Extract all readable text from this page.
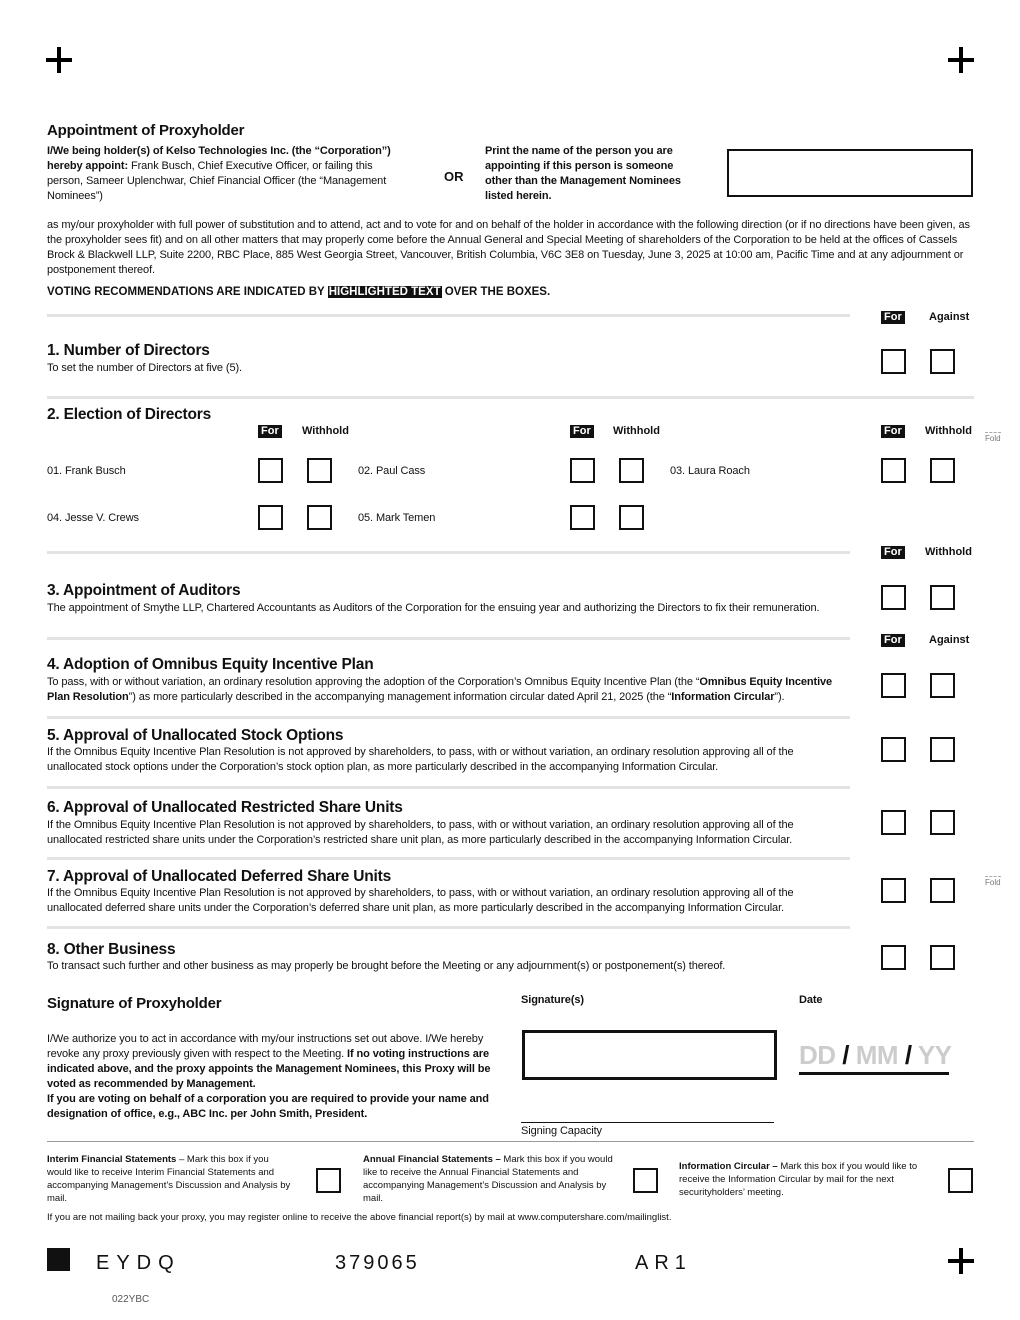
Appointment of Proxyholder
I/We being holder(s) of Kelso Technologies Inc. (the “Corporation”) hereby appoint: Frank Busch, Chief Executive Officer, or failing this person, Sameer Uplenchwar, Chief Financial Officer (the “Management Nominees”)
OR
Print the name of the person you are appointing if this person is someone other than the Management Nominees listed herein.
as my/our proxyholder with full power of substitution and to attend, act and to vote for and on behalf of the holder in accordance with the following direction (or if no directions have been given, as the proxyholder sees fit) and on all other matters that may properly come before the Annual General and Special Meeting of shareholders of the Corporation to be held at the offices of Cassels Brock & Blackwell LLP, Suite 2200, RBC Place, 885 West Georgia Street, Vancouver, British Columbia, V6C 3E8 on Tuesday, June 3, 2025 at 10:00 am, Pacific Time and at any adjournment or postponement thereof.
VOTING RECOMMENDATIONS ARE INDICATED BY HIGHLIGHTED TEXT OVER THE BOXES.
For Against
1. Number of Directors
To set the number of Directors at five (5).
2. Election of Directors
For Withhold	For Withhold	For Withhold
Fold
01. Frank Busch	02. Paul Cass	03. Laura Roach
04. Jesse V. Crews	05. Mark Temen
For Withhold
3. Appointment of Auditors
The appointment of Smythe LLP, Chartered Accountants as Auditors of the Corporation for the ensuing year and authorizing the Directors to fix their remuneration.
For Against
4. Adoption of Omnibus Equity Incentive Plan
To pass, with or without variation, an ordinary resolution approving the adoption of the Corporation’s Omnibus Equity Incentive Plan (the “Omnibus Equity Incentive Plan Resolution”) as more particularly described in the accompanying management information circular dated April 21, 2025 (the “Information Circular”).
5. Approval of Unallocated Stock Options
If the Omnibus Equity Incentive Plan Resolution is not approved by shareholders, to pass, with or without variation, an ordinary resolution approving all of the unallocated stock options under the Corporation’s stock option plan, as more particularly described in the accompanying Information Circular.
6. Approval of Unallocated Restricted Share Units
If the Omnibus Equity Incentive Plan Resolution is not approved by shareholders, to pass, with or without variation, an ordinary resolution approving all of the unallocated restricted share units under the Corporation’s restricted share unit plan, as more particularly described in the accompanying Information Circular.
7. Approval of Unallocated Deferred Share Units
If the Omnibus Equity Incentive Plan Resolution is not approved by shareholders, to pass, with or without variation, an ordinary resolution approving all of the unallocated deferred share units under the Corporation’s deferred share unit plan, as more particularly described in the accompanying Information Circular.
Fold
8. Other Business
To transact such further and other business as may properly be brought before the Meeting or any adjournment(s) or postponement(s) thereof.
Signature of Proxyholder
I/We authorize you to act in accordance with my/our instructions set out above. I/We hereby revoke any proxy previously given with respect to the Meeting. If no voting instructions are indicated above, and the proxy appoints the Management Nominees, this Proxy will be voted as recommended by Management.
If you are voting on behalf of a corporation you are required to provide your name and designation of office, e.g., ABC Inc. per John Smith, President.
Signature(s)	Date
DD / MM / YY
Signing Capacity
Interim Financial Statements – Mark this box if you would like to receive Interim Financial Statements and accompanying Management’s Discussion and Analysis by mail.
Annual Financial Statements – Mark this box if you would like to receive the Annual Financial Statements and accompanying Management’s Discussion and Analysis by mail.
Information Circular – Mark this box if you would like to receive the Information Circular by mail for the next securityholders’ meeting.
If you are not mailing back your proxy, you may register online to receive the above financial report(s) by mail at www.computershare.com/mailinglist.
EYDQ	379065	AR1
022YBC
